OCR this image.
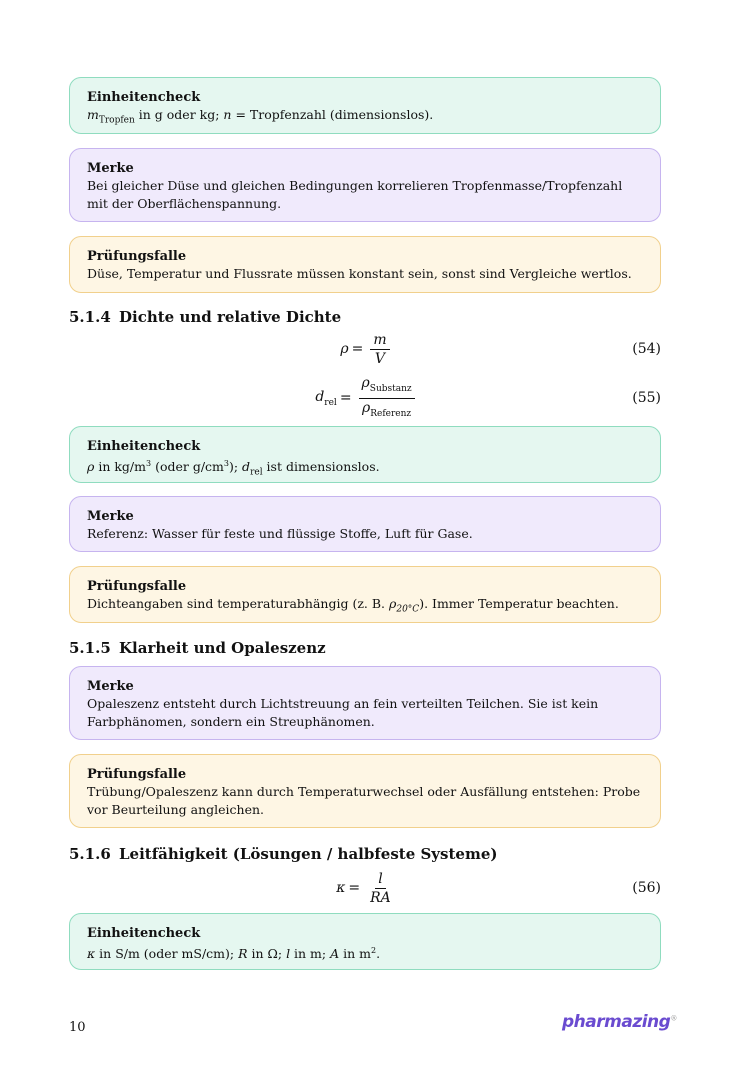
Einheitencheck
$m_{Tropfen}$ in g oder kg; n = Tropfenzahl (dimensionslos).
Merke
Bei gleicher Düse und gleichen Bedingungen korrelieren Tropfenmasse/Tropfenzahl mit der Oberflächenspannung.
Prüfungsfalle
Düse, Temperatur und Flussrate müssen konstant sein, sonst sind Vergleiche wertlos.
5.1.4 Dichte und relative Dichte
$\rho = \frac{m}{V}$	(54)
$d_{rel} = \frac{\rho_{Substanz}}{\rho_{Referenz}}$	(55)
Einheitencheck
ρ in $kg/m^3$ (oder $g/cm^3$); $d_{rel}$ ist dimensionslos.
Merke
Referenz: Wasser für feste und flüssige Stoffe, Luft für Gase.
Prüfungsfalle
Dichteangaben sind temperaturabhängig (z. B. $\rho_{20^\circ C}$). Immer Temperatur beachten.
5.1.5 Klarheit und Opaleszenz
Merke
Opaleszenz entsteht durch Lichtstreuung an fein verteilten Teilchen. Sie ist kein Farbphänomen, sondern ein Streuphänomen.
Prüfungsfalle
Trübung/Opaleszenz kann durch Temperaturwechsel oder Ausfällung entstehen: Probe vor Beurteilung angleichen.
5.1.6 Leitfähigkeit (Lösungen / halbfeste Systeme)
$\kappa = \frac{l}{RA}$	(56)
Einheitencheck
κ in S/m (oder mS/cm); R in Ω; l in m; A in $m^2$.
10	pharmazing®
